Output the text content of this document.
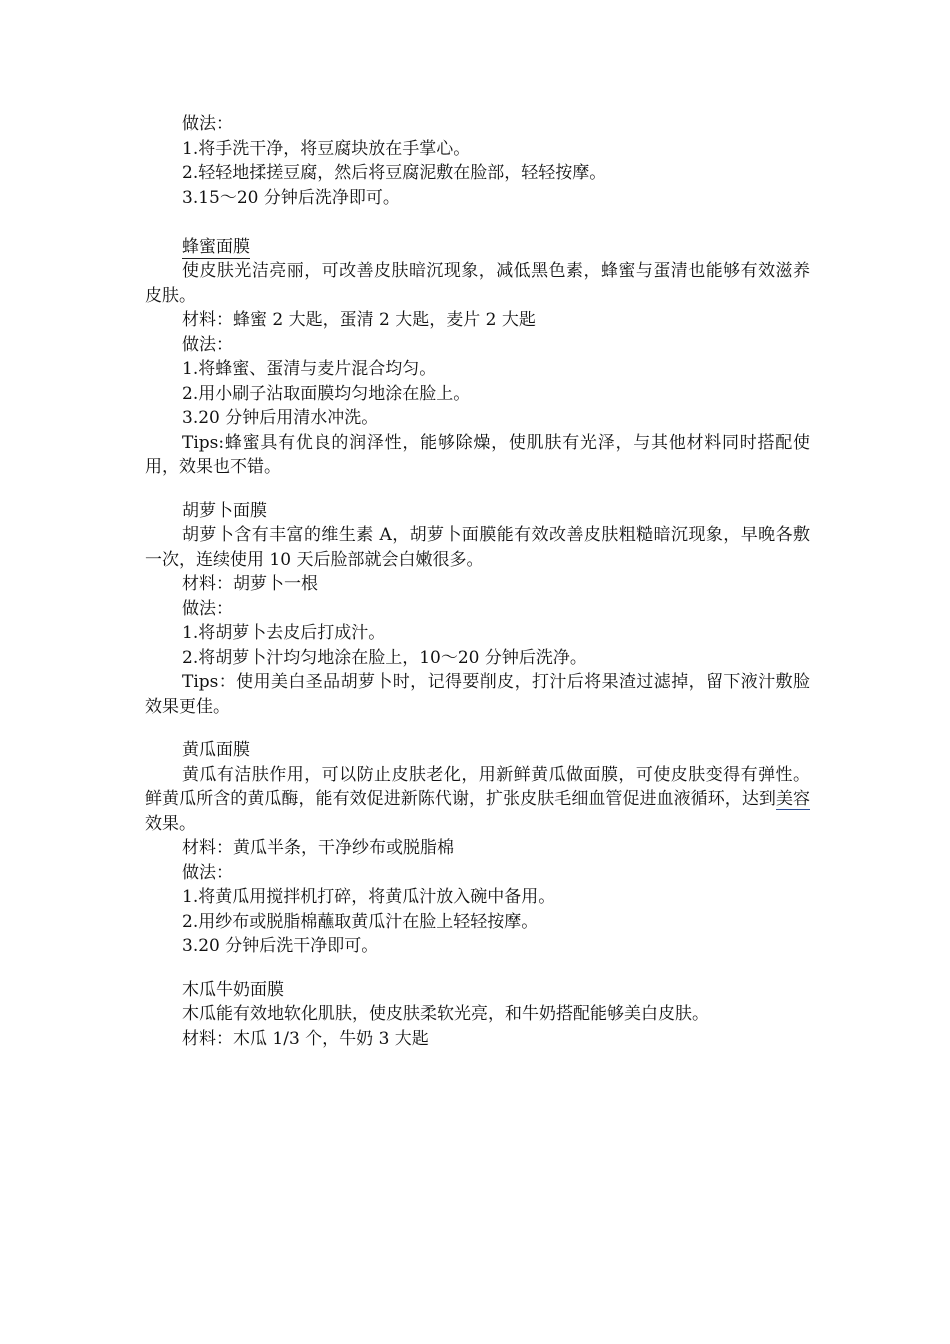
做法：
1.将手洗干净，将豆腐块放在手掌心。
2.轻轻地揉搓豆腐，然后将豆腐泥敷在脸部，轻轻按摩。
3.15～20 分钟后洗净即可。
蜂蜜面膜

使皮肤光洁亮丽，可改善皮肤暗沉现象，减低黑色素，蜂蜜与蛋清也能够有效滋养皮肤。

材料：蜂蜜 2 大匙，蛋清 2 大匙，麦片 2 大匙
做法：
1.将蜂蜜、蛋清与麦片混合均匀。
2.用小刷子沾取面膜均匀地涂在脸上。
3.20 分钟后用清水冲洗。

Tips:蜂蜜具有优良的润泽性，能够除燥，使肌肤有光泽，与其他材料同时搭配使用，效果也不错。

胡萝卜面膜

胡萝卜含有丰富的维生素 A，胡萝卜面膜能有效改善皮肤粗糙暗沉现象，早晚各敷一次，连续使用 10 天后脸部就会白嫩很多。

材料：胡萝卜一根
做法：
1.将胡萝卜去皮后打成汁。
2.将胡萝卜汁均匀地涂在脸上，10～20 分钟后洗净。

Tips：使用美白圣品胡萝卜时，记得要削皮，打汁后将果渣过滤掉，留下液汁敷脸效果更佳。

黄瓜面膜

黄瓜有洁肤作用，可以防止皮肤老化，用新鲜黄瓜做面膜，可使皮肤变得有弹性。鲜黄瓜所含的黄瓜酶，能有效促进新陈代谢，扩张皮肤毛细血管促进血液循环，达到美容效果。

材料：黄瓜半条，干净纱布或脱脂棉
做法：
1.将黄瓜用搅拌机打碎，将黄瓜汁放入碗中备用。
2.用纱布或脱脂棉蘸取黄瓜汁在脸上轻轻按摩。
3.20 分钟后洗干净即可。
木瓜牛奶面膜

木瓜能有效地软化肌肤，使皮肤柔软光亮，和牛奶搭配能够美白皮肤。

材料：木瓜 1/3 个，牛奶 3 大匙
